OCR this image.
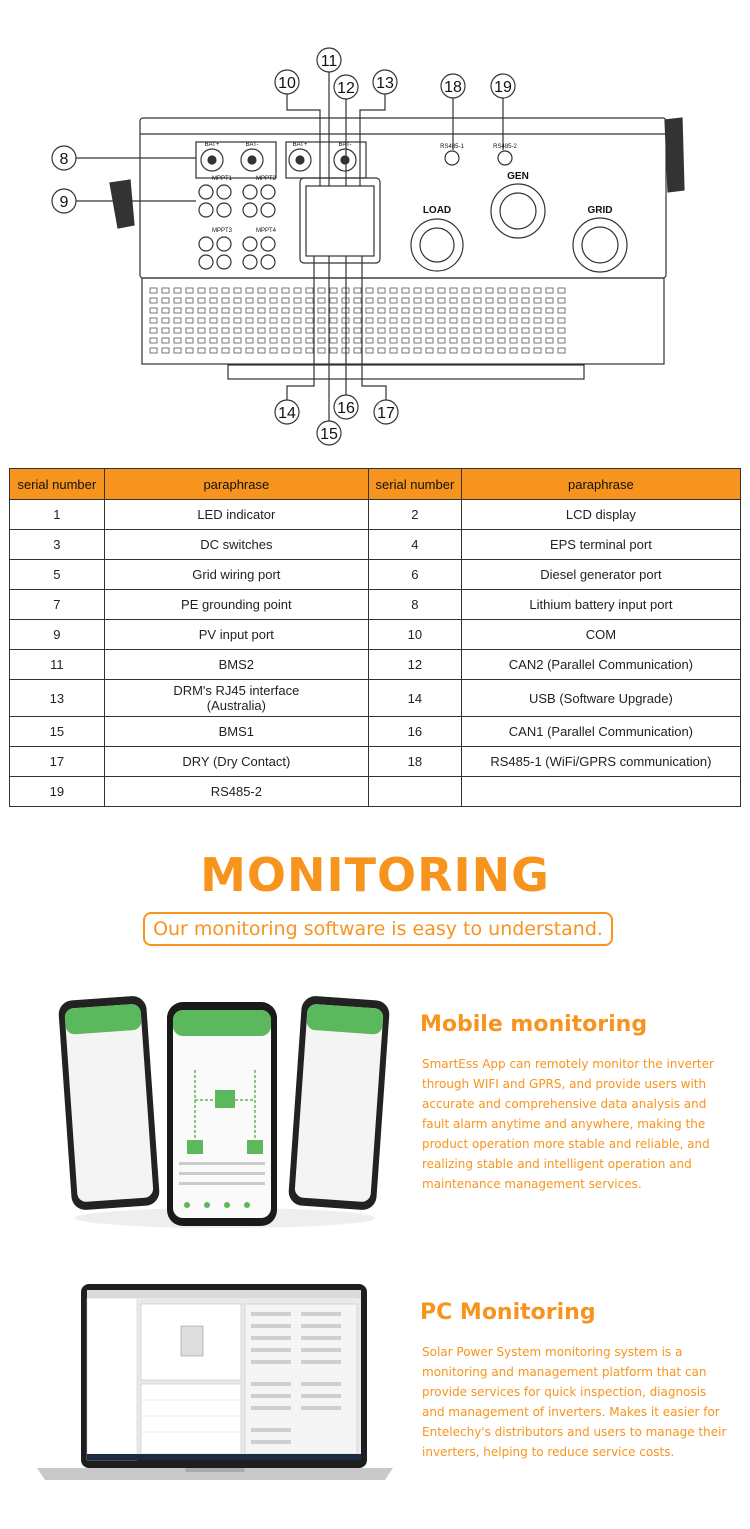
8
9
10
11
12 13
14
15
16 17
18 19
BAT+	BAT-	BAT+	BAT-
MPPT1	MPPT2
MPPT3	MPPT4
RS485-1	RS485-2
LOAD
GEN
GRID
serial number	paraphrase	serial number	paraphrase
1	LED indicator	2	LCD display
3	DC switches	4	EPS terminal port
5	Grid wiring port	6	Diesel generator port
7	PE grounding point	8	Lithium battery input port
9	PV input port	10	COM
11	BMS2	12	CAN2 (Parallel Communication)
13	DRM's RJ45 interface
(Australia)	14	USB (Software Upgrade)
15	BMS1	16	CAN1 (Parallel Communication)
17	DRY (Dry Contact)	18	RS485-1 (WiFi/GPRS communication)
19	RS485-2		
MONITORING
Our monitoring software is easy to understand.
Mobile monitoring
SmartEss App can remotely monitor the inverter through WIFI and GPRS, and provide users with accurate and comprehensive data analysis and fault alarm anytime and anywhere, making the product operation more stable and reliable, and realizing stable and intelligent operation and maintenance management services.
PC Monitoring
Solar Power System monitoring system is a monitoring and management platform that can provide services for quick inspection, diagnosis and management of inverters. Makes it easier for Entelechy's distributors and users to manage their inverters, helping to reduce service costs.
